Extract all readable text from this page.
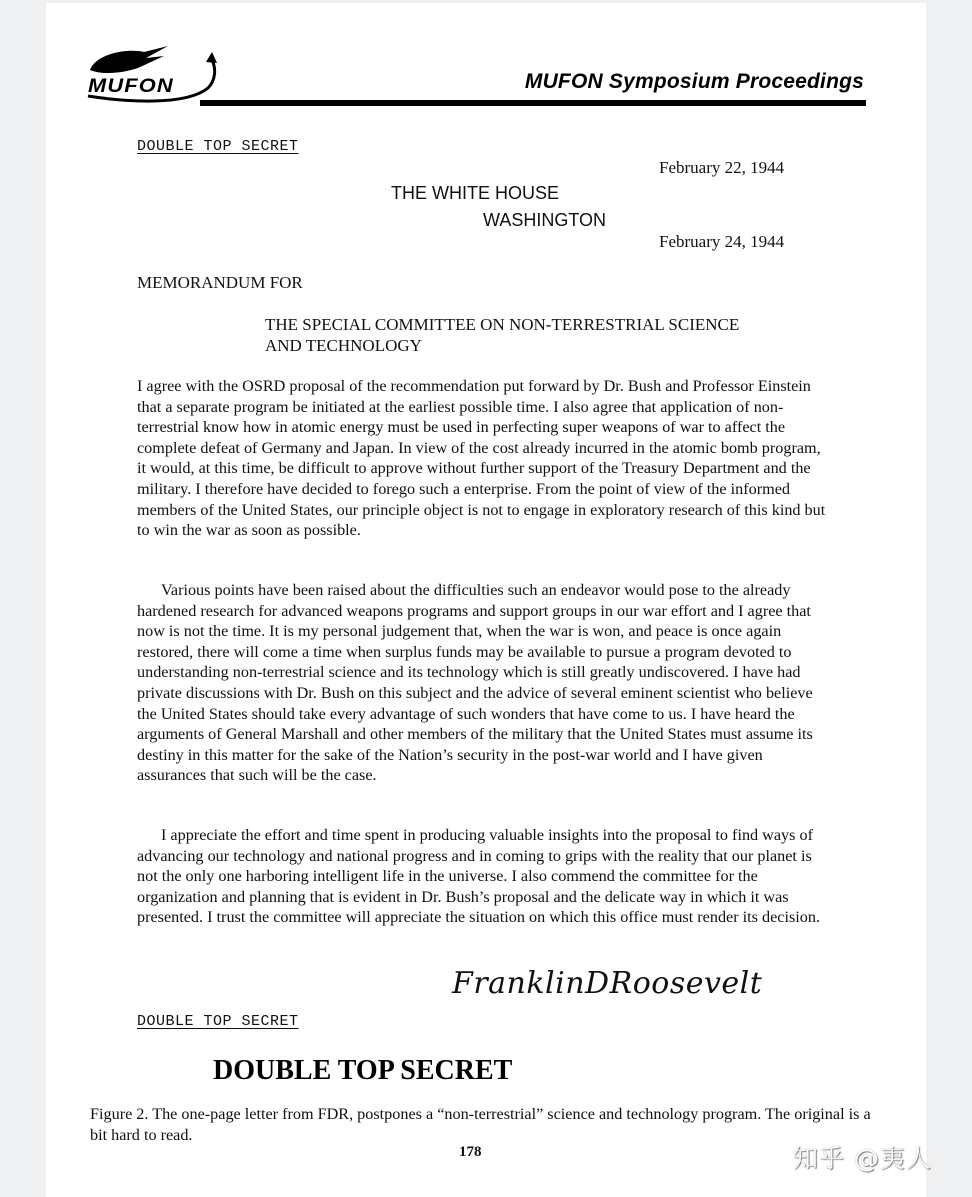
MUFON	MUFON Symposium Proceedings
DOUBLE TOP SECRET
February 22, 1944
THE WHITE HOUSE
WASHINGTON
February 24, 1944
MEMORANDUM FOR
THE SPECIAL COMMITTEE ON NON-TERRESTRIAL SCIENCE
AND TECHNOLOGY

I agree with the OSRD proposal of the recommendation put forward by Dr. Bush and Professor Einstein that a separate program be initiated at the earliest possible time. I also agree that application of non-terrestrial know how in atomic energy must be used in perfecting super weapons of war to affect the complete defeat of Germany and Japan. In view of the cost already incurred in the atomic bomb program, it would, at this time, be difficult to approve without further support of the Treasury Department and the military. I therefore have decided to forego such a enterprise. From the point of view of the informed members of the United States, our principle object is not to engage in exploratory research of this kind but to win the war as soon as possible.

Various points have been raised about the difficulties such an endeavor would pose to the already hardened research for advanced weapons programs and support groups in our war effort and I agree that now is not the time. It is my personal judgement that, when the war is won, and peace is once again restored, there will come a time when surplus funds may be available to pursue a program devoted to understanding non-terrestrial science and its technology which is still greatly undiscovered. I have had private discussions with Dr. Bush on this subject and the advice of several eminent scientist who believe the United States should take every advantage of such wonders that have come to us. I have heard the arguments of General Marshall and other members of the military that the United States must assume its destiny in this matter for the sake of the Nation’s security in the post-war world and I have given assurances that such will be the case.

I appreciate the effort and time spent in producing valuable insights into the proposal to find ways of advancing our technology and national progress and in coming to grips with the reality that our planet is not the only one harboring intelligent life in the universe. I also commend the committee for the organization and planning that is evident in Dr. Bush’s proposal and the delicate way in which it was presented. I trust the committee will appreciate the situation on which this office must render its decision.

FranklinDRoosevelt
DOUBLE TOP SECRET
DOUBLE TOP SECRET

Figure 2. The one-page letter from FDR, postpones a “non-terrestrial” science and technology program. The original is a bit hard to read.

178	知乎 @夷人
